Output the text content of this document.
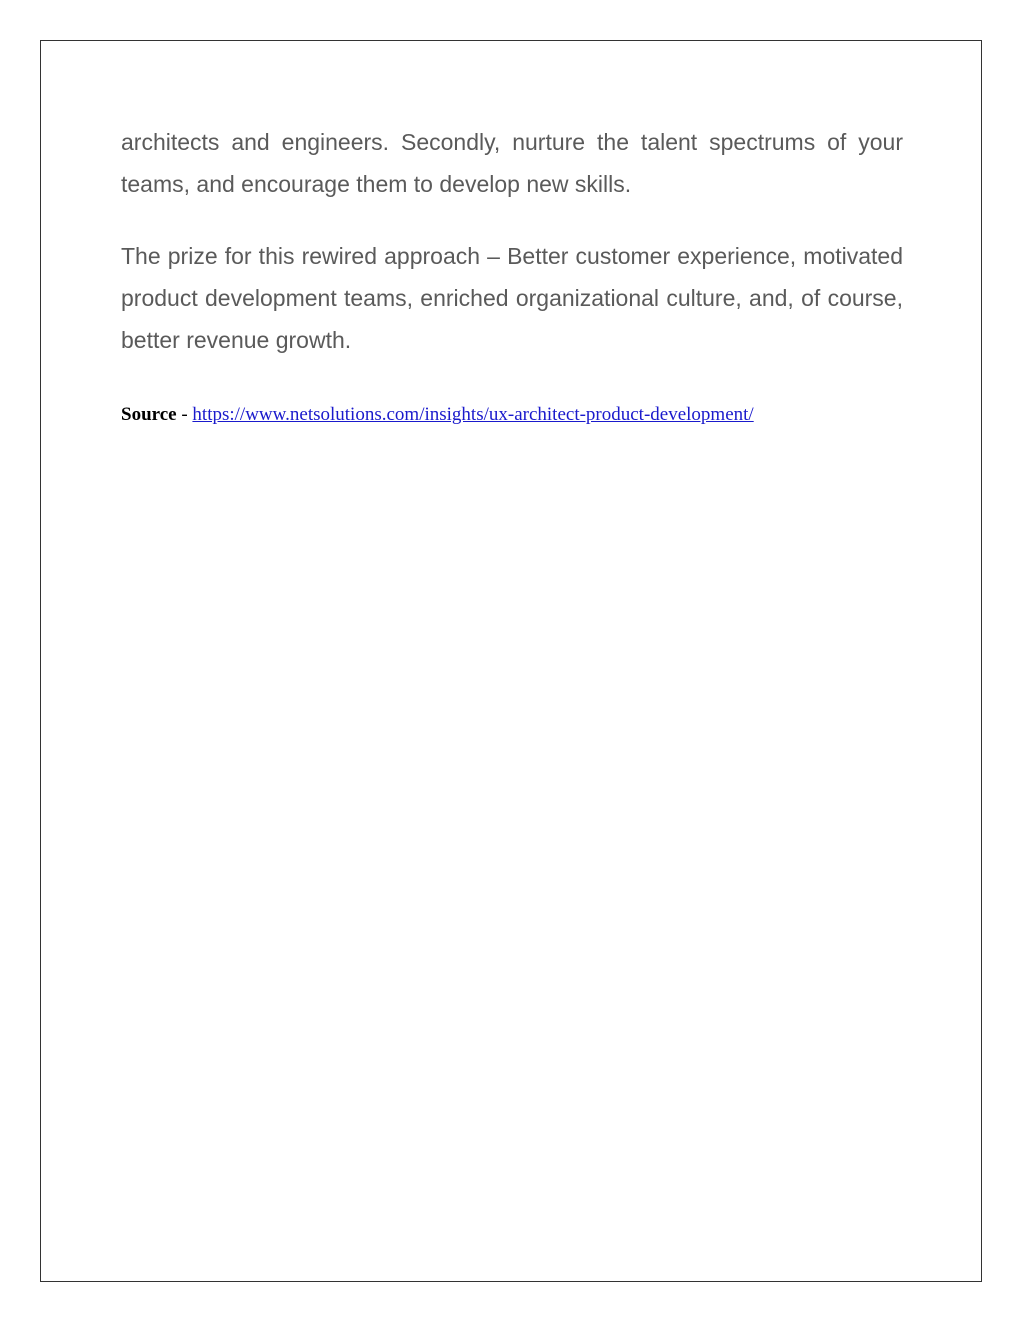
architects and engineers. Secondly, nurture the talent spectrums of your teams, and encourage them to develop new skills.

The prize for this rewired approach – Better customer experience, motivated product development teams, enriched organizational culture, and, of course, better revenue growth.

Source - https://www.netsolutions.com/insights/ux-architect-product-development/
